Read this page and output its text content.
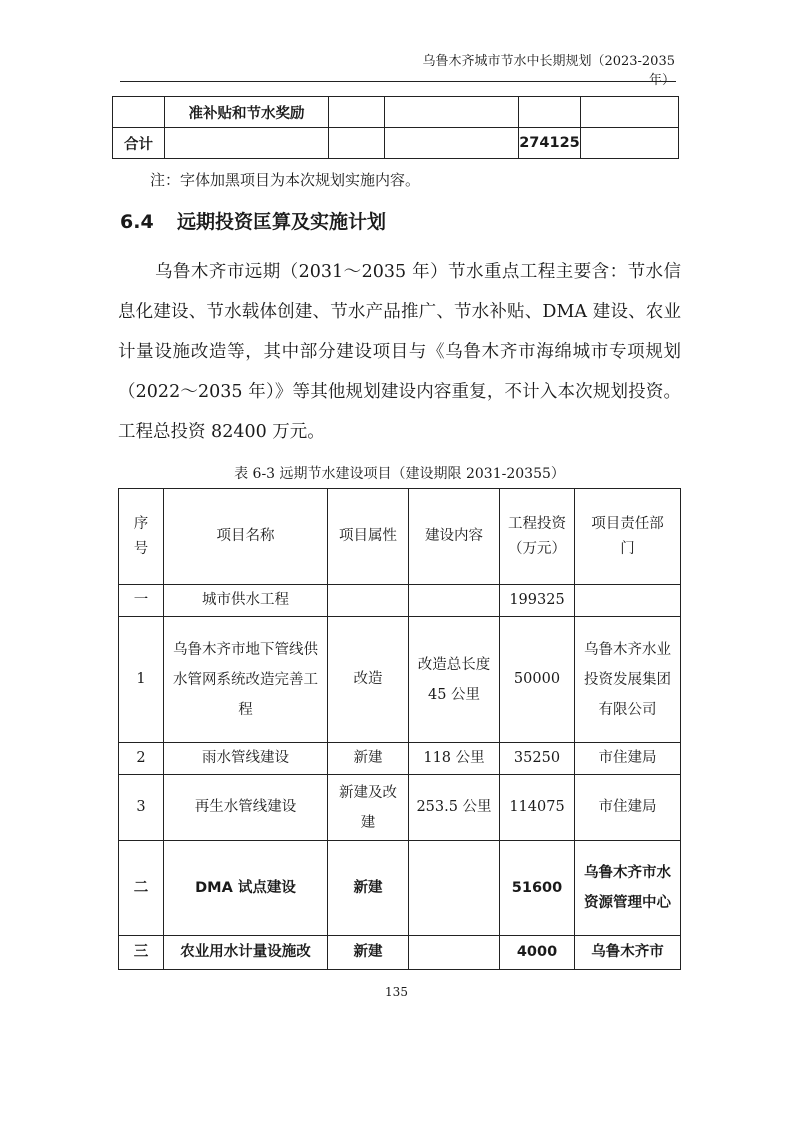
乌鲁木齐城市节水中长期规划（2023-2035 年）
	准补贴和节水奖励				
合计				274125	
注：字体加黑项目为本次规划实施内容。
6.4 远期投资匡算及实施计划
乌鲁木齐市远期（2031～2035 年）节水重点工程主要含：节水信息化建设、节水载体创建、节水产品推广、节水补贴、DMA 建设、农业计量设施改造等，其中部分建设项目与《乌鲁木齐市海绵城市专项规划（2022～2035 年）》等其他规划建设内容重复，不计入本次规划投资。工程总投资 82400 万元。
表 6-3 远期节水建设项目（建设期限 2031-20355）
序号	项目名称	项目属性	建设内容	工程投资（万元）	项目责任部门
一	城市供水工程			199325	
1	乌鲁木齐市地下管线供水管网系统改造完善工程	改造	改造总长度45 公里	50000	乌鲁木齐水业投资发展集团有限公司
2	雨水管线建设	新建	118 公里	35250	市住建局
3	再生水管线建设	新建及改建	253.5 公里	114075	市住建局
二	DMA 试点建设	新建		51600	乌鲁木齐市水资源管理中心
三	农业用水计量设施改	新建		4000	乌鲁木齐市
135
